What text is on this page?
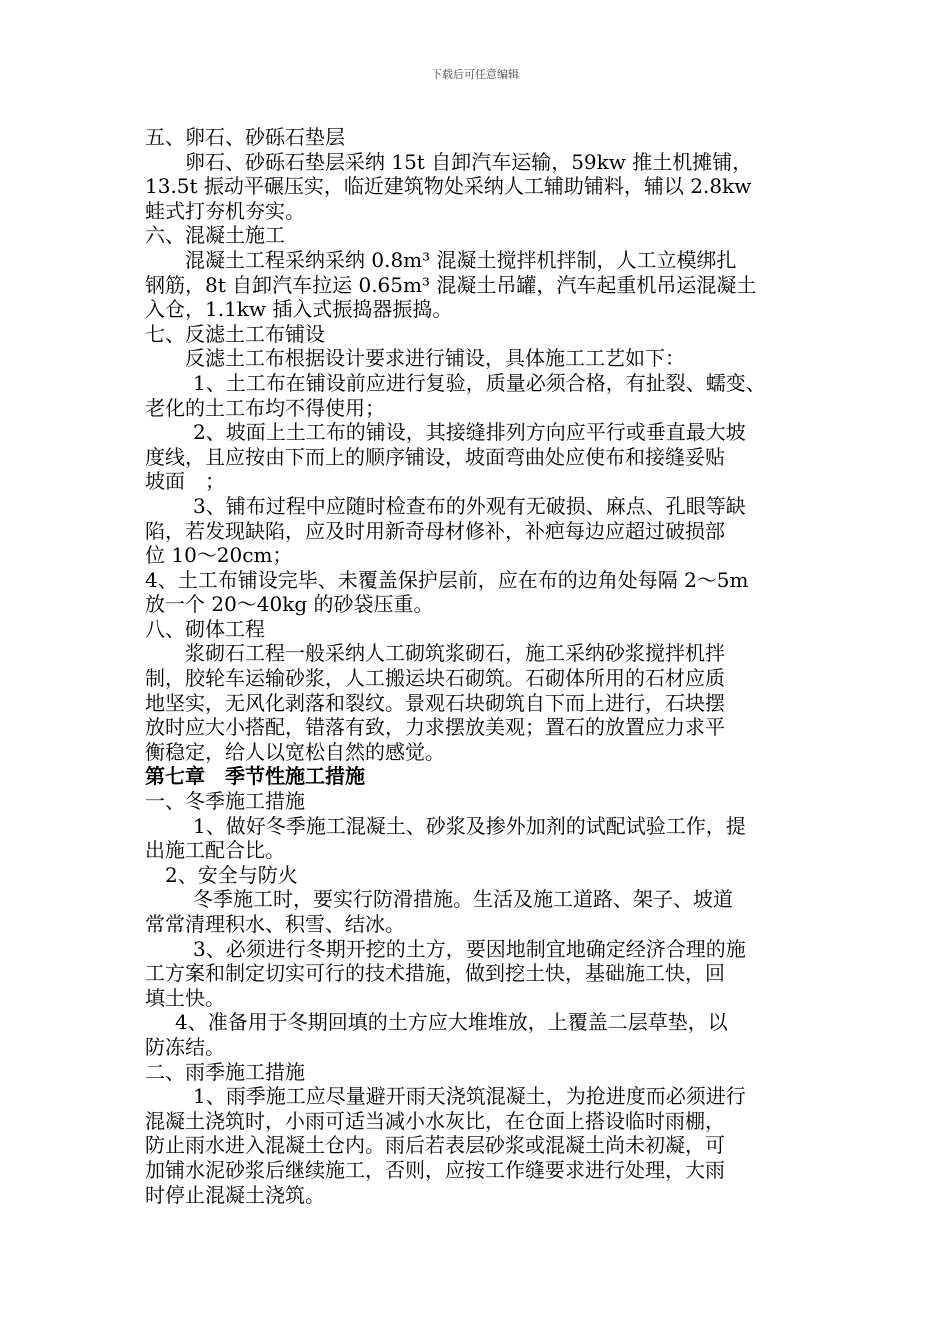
下载后可任意编辑

五、卵石、砂砾石垫层

卵石、砂砾石垫层采纳 15t 自卸汽车运输，59kw 推土机摊铺，

13.5t 振动平碾压实，临近建筑物处采纳人工辅助铺料，辅以 2.8kw

蛙式打夯机夯实。

六、混凝土施工

混凝土工程采纳采纳 0.8m³ 混凝土搅拌机拌制，人工立模绑扎

钢筋，8t 自卸汽车拉运 0.65m³ 混凝土吊罐，汽车起重机吊运混凝土

入仓，1.1kw 插入式振捣器振捣。

七、反滤土工布铺设

反滤土工布根据设计要求进行铺设，具体施工工艺如下：

1、土工布在铺设前应进行复验，质量必须合格，有扯裂、蠕变、

老化的土工布均不得使用；

2、坡面上土工布的铺设，其接缝排列方向应平行或垂直最大坡

度线，且应按由下而上的顺序铺设，坡面弯曲处应使布和接缝妥贴

坡面　；

3、铺布过程中应随时检查布的外观有无破损、麻点、孔眼等缺

陷，若发现缺陷，应及时用新奇母材修补，补疤每边应超过破损部

位 10～20cm；

4、土工布铺设完毕、未覆盖保护层前，应在布的边角处每隔 2～5m

放一个 20～40kg 的砂袋压重。

八、砌体工程

浆砌石工程一般采纳人工砌筑浆砌石，施工采纳砂浆搅拌机拌

制，胶轮车运输砂浆，人工搬运块石砌筑。石砌体所用的石材应质

地坚实，无风化剥落和裂纹。景观石块砌筑自下而上进行，石块摆

放时应大小搭配，错落有致，力求摆放美观；置石的放置应力求平

衡稳定，给人以宽松自然的感觉。

第七章　季节性施工措施

一、冬季施工措施

1、做好冬季施工混凝土、砂浆及掺外加剂的试配试验工作，提

出施工配合比。

2、安全与防火

冬季施工时，要实行防滑措施。生活及施工道路、架子、坡道

常常清理积水、积雪、结冰。

3、必须进行冬期开挖的土方，要因地制宜地确定经济合理的施

工方案和制定切实可行的技术措施，做到挖土快，基础施工快，回

填土快。

4、准备用于冬期回填的土方应大堆堆放，上覆盖二层草垫，以

防冻结。

二、雨季施工措施

1、雨季施工应尽量避开雨天浇筑混凝土，为抢进度而必须进行

混凝土浇筑时，小雨可适当减小水灰比，在仓面上搭设临时雨棚，

防止雨水进入混凝土仓内。雨后若表层砂浆或混凝土尚未初凝，可

加铺水泥砂浆后继续施工，否则，应按工作缝要求进行处理，大雨

时停止混凝土浇筑。
